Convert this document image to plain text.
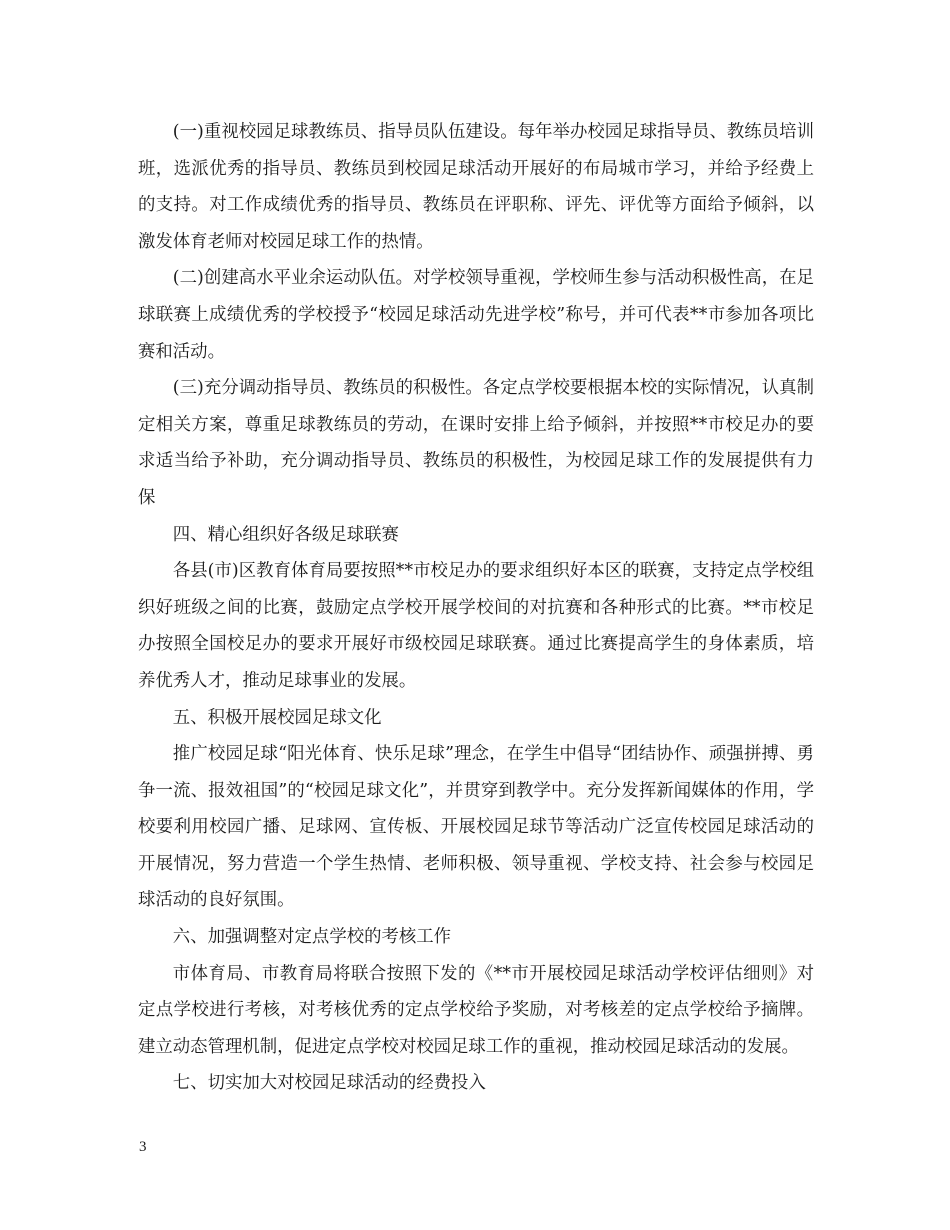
(一)重视校园足球教练员、指导员队伍建设。每年举办校园足球指导员、教练员培训班，选派优秀的指导员、教练员到校园足球活动开展好的布局城市学习，并给予经费上的支持。对工作成绩优秀的指导员、教练员在评职称、评先、评优等方面给予倾斜，以激发体育老师对校园足球工作的热情。

(二)创建高水平业余运动队伍。对学校领导重视，学校师生参与活动积极性高，在足球联赛上成绩优秀的学校授予“校园足球活动先进学校”称号，并可代表**市参加各项比赛和活动。

(三)充分调动指导员、教练员的积极性。各定点学校要根据本校的实际情况，认真制定相关方案，尊重足球教练员的劳动，在课时安排上给予倾斜，并按照**市校足办的要求适当给予补助，充分调动指导员、教练员的积极性，为校园足球工作的发展提供有力保

四、精心组织好各级足球联赛

各县(市)区教育体育局要按照**市校足办的要求组织好本区的联赛，支持定点学校组织好班级之间的比赛，鼓励定点学校开展学校间的对抗赛和各种形式的比赛。**市校足办按照全国校足办的要求开展好市级校园足球联赛。通过比赛提高学生的身体素质，培养优秀人才，推动足球事业的发展。

五、积极开展校园足球文化

推广校园足球“阳光体育、快乐足球”理念，在学生中倡导“团结协作、顽强拼搏、勇争一流、报效祖国”的“校园足球文化”，并贯穿到教学中。充分发挥新闻媒体的作用，学校要利用校园广播、足球网、宣传板、开展校园足球节等活动广泛宣传校园足球活动的开展情况，努力营造一个学生热情、老师积极、领导重视、学校支持、社会参与校园足球活动的良好氛围。

六、加强调整对定点学校的考核工作

市体育局、市教育局将联合按照下发的《**市开展校园足球活动学校评估细则》对定点学校进行考核，对考核优秀的定点学校给予奖励，对考核差的定点学校给予摘牌。建立动态管理机制，促进定点学校对校园足球工作的重视，推动校园足球活动的发展。

七、切实加大对校园足球活动的经费投入

3
